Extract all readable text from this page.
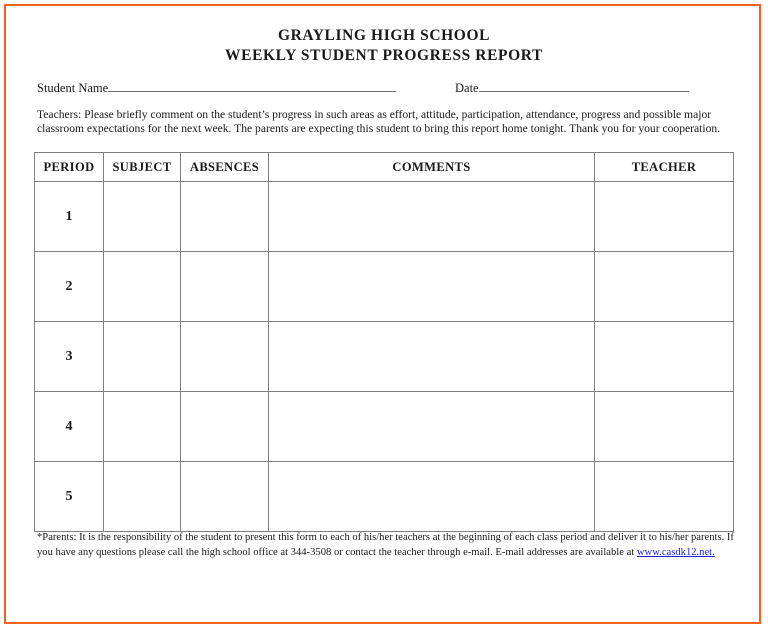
GRAYLING HIGH SCHOOL
WEEKLY STUDENT PROGRESS REPORT
Student Name	Date
Teachers: Please briefly comment on the student’s progress in such areas as effort, attitude, participation, attendance, progress and possible major classroom expectations for the next week. The parents are expecting this student to bring this report home tonight. Thank you for your cooperation.
PERIOD	SUBJECT	ABSENCES	COMMENTS	TEACHER
1				
2				
3				
4				
5				
*Parents: It is the responsibility of the student to present this form to each of his/her teachers at the beginning of each class period and deliver it to his/her parents. If you have any questions please call the high school office at 344-3508 or contact the teacher through e-mail. E-mail addresses are available at www.casdk12.net.
